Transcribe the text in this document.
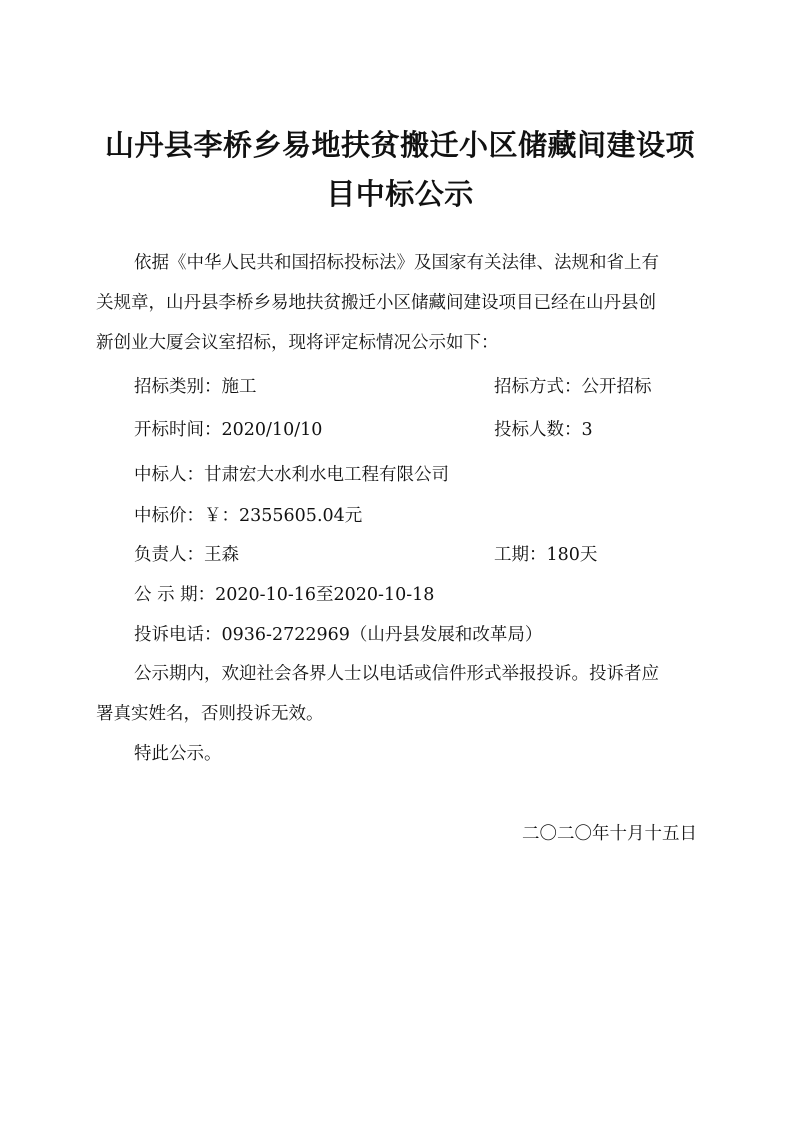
山丹县李桥乡易地扶贫搬迁小区储藏间建设项
目中标公示
依据《中华人民共和国招标投标法》及国家有关法律、法规和省上有
关规章，山丹县李桥乡易地扶贫搬迁小区储藏间建设项目已经在山丹县创
新创业大厦会议室招标，现将评定标情况公示如下：
招标类别：施工	招标方式：公开招标
开标时间：2020/10/10	投标人数：3
中标人：甘肃宏大水利水电工程有限公司
中标价：￥：2355605.04元
负责人：王森	工期：180天
公 示 期：2020-10-16至2020-10-18
投诉电话：0936-2722969（山丹县发展和改革局）
公示期内，欢迎社会各界人士以电话或信件形式举报投诉。投诉者应
署真实姓名，否则投诉无效。
特此公示。
二〇二〇年十月十五日
